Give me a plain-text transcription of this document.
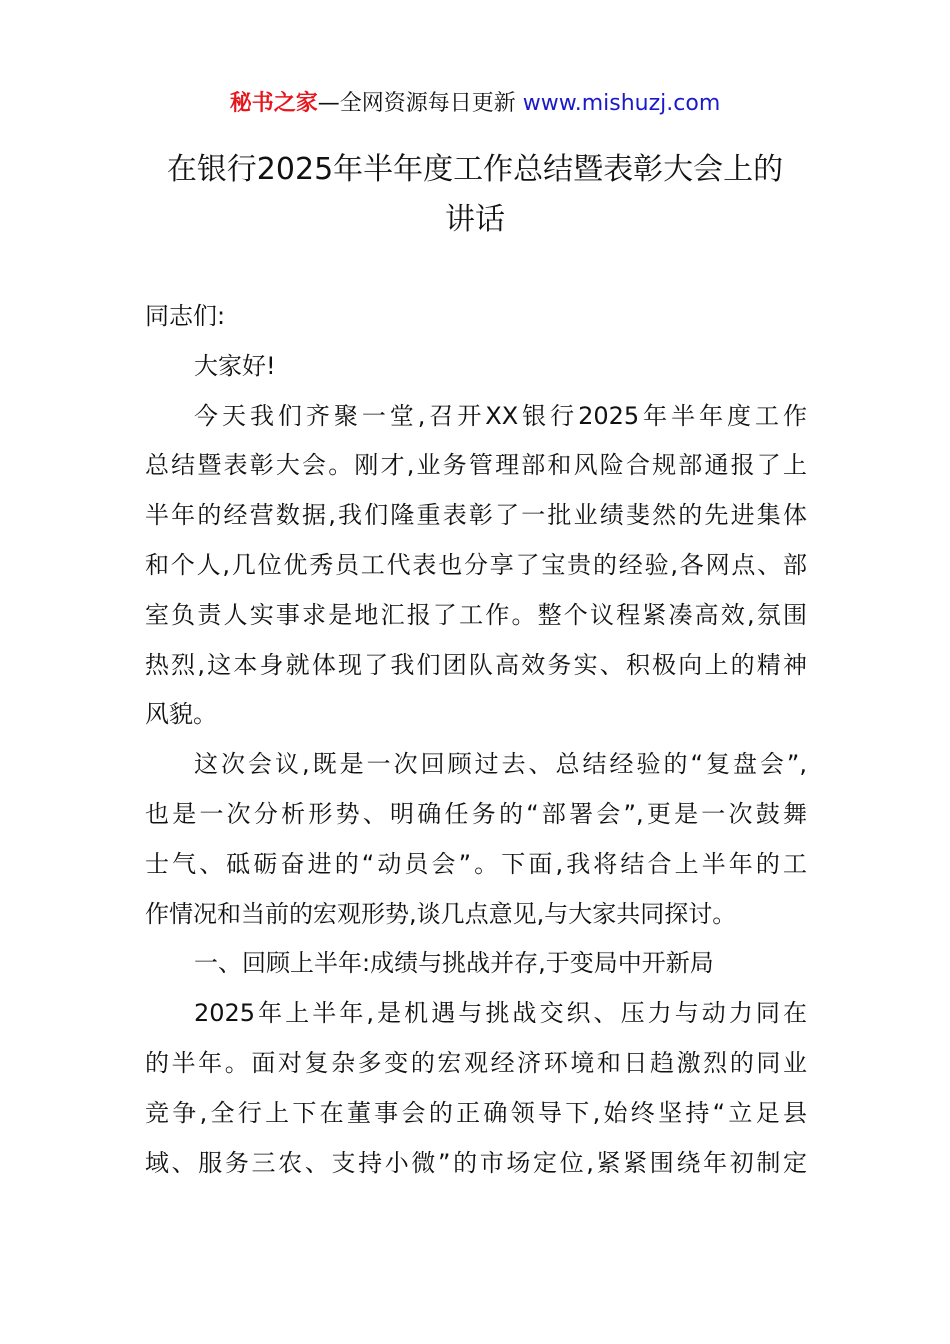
秘书之家—全网资源每日更新 www.mishuzj.com
在银行2025年半年度工作总结暨表彰大会上的
讲话
同志们:
大家好!
今天我们齐聚一堂,召开XX银行2025年半年度工作
总结暨表彰大会。刚才,业务管理部和风险合规部通报了上
半年的经营数据,我们隆重表彰了一批业绩斐然的先进集体
和个人,几位优秀员工代表也分享了宝贵的经验,各网点、部
室负责人实事求是地汇报了工作。整个议程紧凑高效,氛围
热烈,这本身就体现了我们团队高效务实、积极向上的精神
风貌。
这次会议,既是一次回顾过去、总结经验的“复盘会”,
也是一次分析形势、明确任务的“部署会”,更是一次鼓舞
士气、砥砺奋进的“动员会”。下面,我将结合上半年的工
作情况和当前的宏观形势,谈几点意见,与大家共同探讨。
一、回顾上半年:成绩与挑战并存,于变局中开新局
2025年上半年,是机遇与挑战交织、压力与动力同在
的半年。面对复杂多变的宏观经济环境和日趋激烈的同业
竞争,全行上下在董事会的正确领导下,始终坚持“立足县
域、服务三农、支持小微”的市场定位,紧紧围绕年初制定
